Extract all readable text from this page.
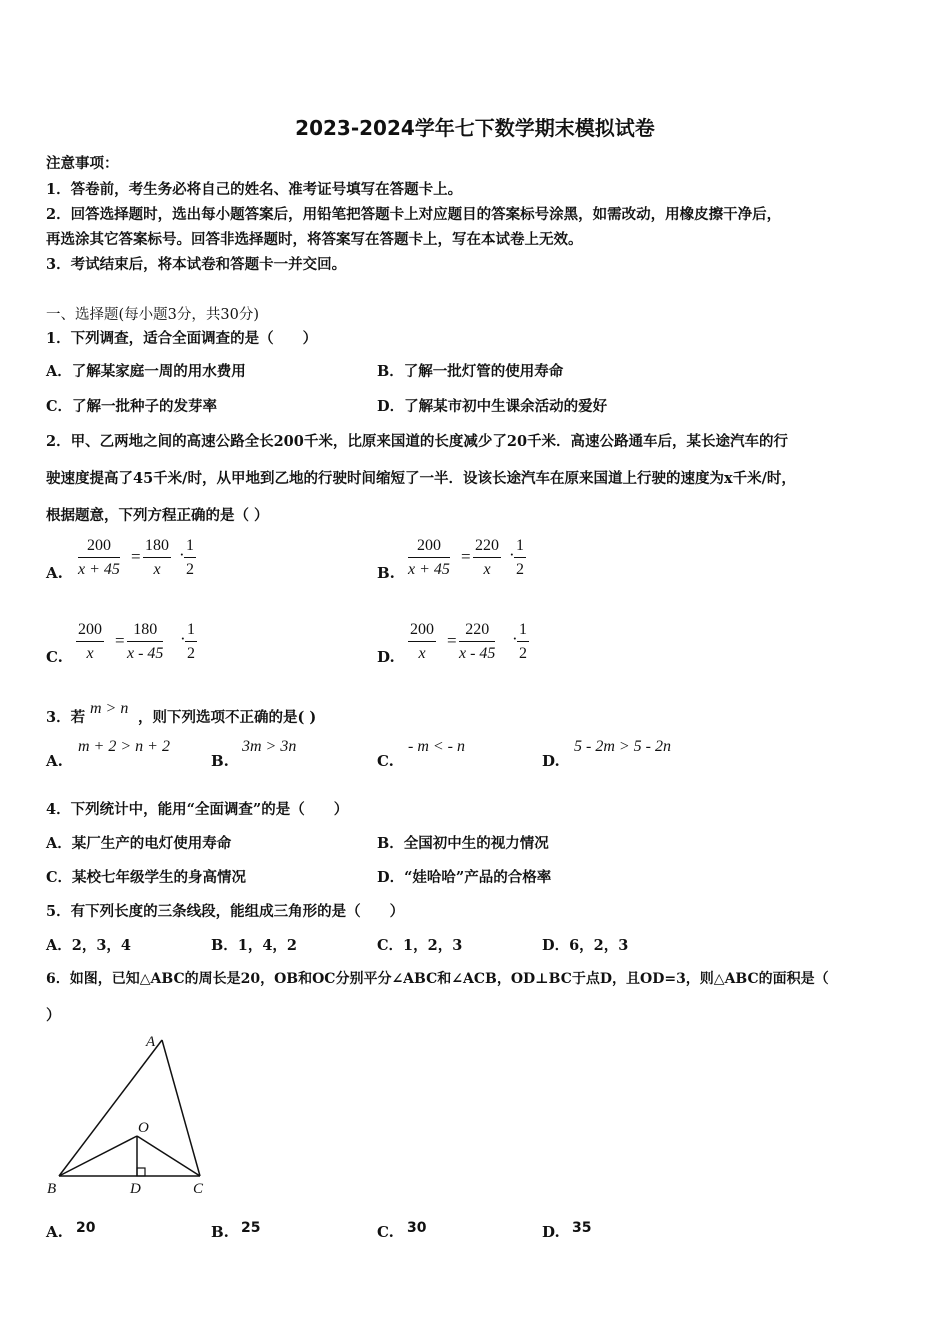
2023-2024学年七下数学期末模拟试卷
注意事项：
1．答卷前，考生务必将自己的姓名、准考证号填写在答题卡上。
2．回答选择题时，选出每小题答案后，用铅笔把答题卡上对应题目的答案标号涂黑，如需改动，用橡皮擦干净后，
再选涂其它答案标号。回答非选择题时，将答案写在答题卡上，写在本试卷上无效。
3．考试结束后，将本试卷和答题卡一并交回。
一、选择题(每小题3分，共30分)
1．下列调查，适合全面调查的是（　　）
A．了解某家庭一周的用水费用	B．了解一批灯管的使用寿命
C．了解一批种子的发芽率	D．了解某市初中生课余活动的爱好
2．甲、乙两地之间的高速公路全长200千米，比原来国道的长度减少了20千米．高速公路通车后，某长途汽车的行
驶速度提高了45千米/时，从甲地到乙地的行驶时间缩短了一半．设该长途汽车在原来国道上行驶的速度为x千米/时，
根据题意，下列方程正确的是（ ）
A. $\frac{200}{x + 45} = \frac{180}{x} \cdot \frac{1}{2}$	B. $\frac{200}{x + 45} = \frac{220}{x} \cdot \frac{1}{2}$
C. $\frac{200}{x} = \frac{180}{x - 45} \cdot \frac{1}{2}$	D. $\frac{200}{x} = \frac{220}{x - 45} \cdot \frac{1}{2}$
3．若
m > n
，则下列选项不正确的是( )
A.
m + 2 > n + 2
B.
3m > 3n
C.
- m < - n
D.
5 - 2m > 5 - 2n
4．下列统计中，能用“全面调查”的是（　　）
A．某厂生产的电灯使用寿命	B．全国初中生的视力情况
C．某校七年级学生的身高情况	D．“娃哈哈”产品的合格率
5．有下列长度的三条线段，能组成三角形的是（　　）
A．2，3，4	B．1，4，2	C．1，2，3	D．6，2，3
6．如图，已知△ABC的周长是20，OB和OC分别平分∠ABC和∠ACB，OD⊥BC于点D，且OD=3，则△ABC的面积是（
）
A
B	C
D
O
A. 20	B. 25	C. 30	D. 35
